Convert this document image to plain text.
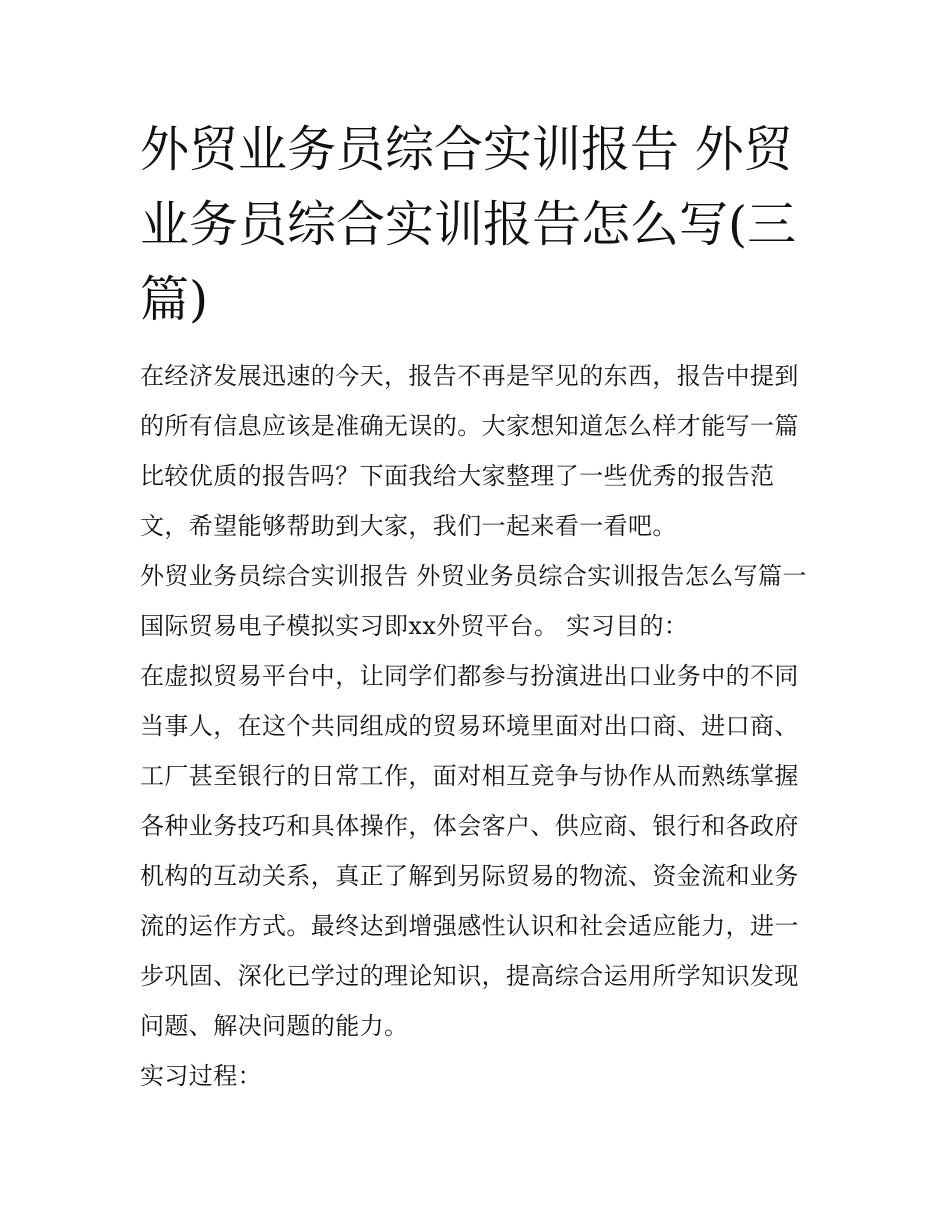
外贸业务员综合实训报告 外贸业务员综合实训报告怎么写(三篇)

在经济发展迅速的今天，报告不再是罕见的东西，报告中提到的所有信息应该是准确无误的。大家想知道怎么样才能写一篇比较优质的报告吗？下面我给大家整理了一些优秀的报告范文，希望能够帮助到大家，我们一起来看一看吧。

外贸业务员综合实训报告 外贸业务员综合实训报告怎么写篇一 国际贸易电子模拟实习即xx外贸平台。 实习目的：

在虚拟贸易平台中，让同学们都参与扮演进出口业务中的不同当事人，在这个共同组成的贸易环境里面对出口商、进口商、工厂甚至银行的日常工作，面对相互竞争与协作从而熟练掌握各种业务技巧和具体操作，体会客户、供应商、银行和各政府机构的互动关系，真正了解到另际贸易的物流、资金流和业务流的运作方式。最终达到增强感性认识和社会适应能力，进一步巩固、深化已学过的理论知识，提高综合运用所学知识发现问题、解决问题的能力。

实习过程：
